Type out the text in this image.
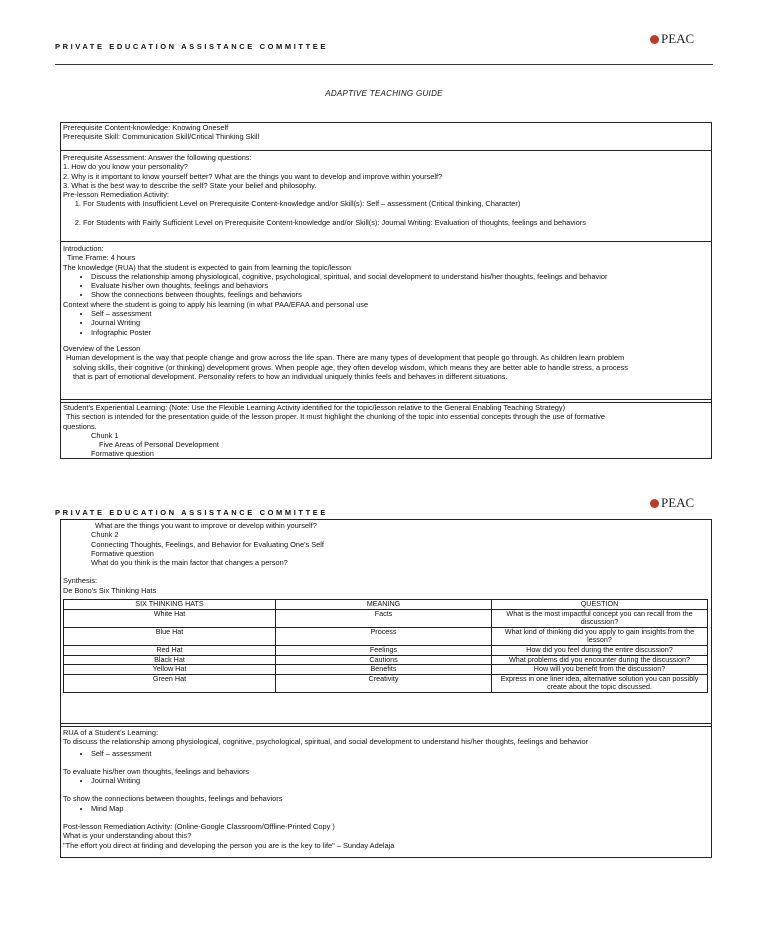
PRIVATE EDUCATION ASSISTANCE COMMITTEE
PEAC
ADAPTIVE TEACHING GUIDE
Prerequisite Content-knowledge: Knowing Oneself
Prerequisite Skill: Communication Skill/Critical Thinking Skill
Prerequisite Assessment: Answer the following questions:
1. How do you know your personality?
2. Why is it important to know yourself better? What are the things you want to develop and improve within yourself?
3. What is the best way to describe the self? State your belief and philosophy.
Pre-lesson Remediation Activity:
1. For Students with Insufficient Level on Prerequisite Content-knowledge and/or Skill(s): Self – assessment (Critical thinking, Character)
2. For Students with Fairly Sufficient Level on Prerequisite Content-knowledge and/or Skill(s): Journal Writing: Evaluation of thoughts, feelings and behaviors
Introduction:
Time Frame: 4 hours
The knowledge (RUA) that the student is expected to gain from learning the topic/lesson
• Discuss the relationship among physiological, cognitive, psychological, spiritual, and social development to understand his/her thoughts, feelings and behavior
• Evaluate his/her own thoughts, feelings and behaviors
• Show the connections between thoughts, feelings and behaviors
Context where the student is going to apply his learning (in what PAA/EFAA and personal use
• Self – assessment
• Journal Writing
• Infographic Poster
Overview of the Lesson
Human development is the way that people change and grow across the life span. There are many types of development that people go through. As children learn problem
solving skills, their cognitive (or thinking) development grows. When people age, they often develop wisdom, which means they are better able to handle stress, a process
that is part of emotional development. Personality refers to how an individual uniquely thinks feels and behaves in different situations.
Student's Experiential Learning: (Note: Use the Flexible Learning Activity identified for the topic/lesson relative to the General Enabling Teaching Strategy)
This section is intended for the presentation guide of the lesson proper. It must highlight the chunking of the topic into essential concepts through the use of formative
questions.
Chunk 1
Five Areas of Personal Development
Formative question
PEAC
PRIVATE EDUCATION ASSISTANCE COMMITTEE
What are the things you want to improve or develop within yourself?
Chunk 2
Connecting Thoughts, Feelings, and Behavior for Evaluating One's Self
Formative question
What do you think is the main factor that changes a person?
Synthesis:
De Bono's Six Thinking Hats
SIX THINKING HATS	MEANING	QUESTION
White Hat	Facts	What is the most impactful concept you can recall from the discussion?
Blue Hat	Process	What kind of thinking did you apply to gain insights from the lesson?
Red Hat	Feelings	How did you feel during the entire discussion?
Black Hat	Cautions	What problems did you encounter during the discussion?
Yellow Hat	Benefits	How will you benefit from the discussion?
Green Hat	Creativity	Express in one liner idea, alternative solution you can possibly create about the topic discussed.
RUA of a Student's Learning:
To discuss the relationship among physiological, cognitive, psychological, spiritual, and social development to understand his/her thoughts, feelings and behavior
• Self – assessment
To evaluate his/her own thoughts, feelings and behaviors
• Journal Writing
To show the connections between thoughts, feelings and behaviors
• Mind Map
Post-lesson Remediation Activity: (Online-Google Classroom/Offline-Printed Copy )
What is your understanding about this?
"The effort you direct at finding and developing the person you are is the key to life" – Sunday Adelaja
